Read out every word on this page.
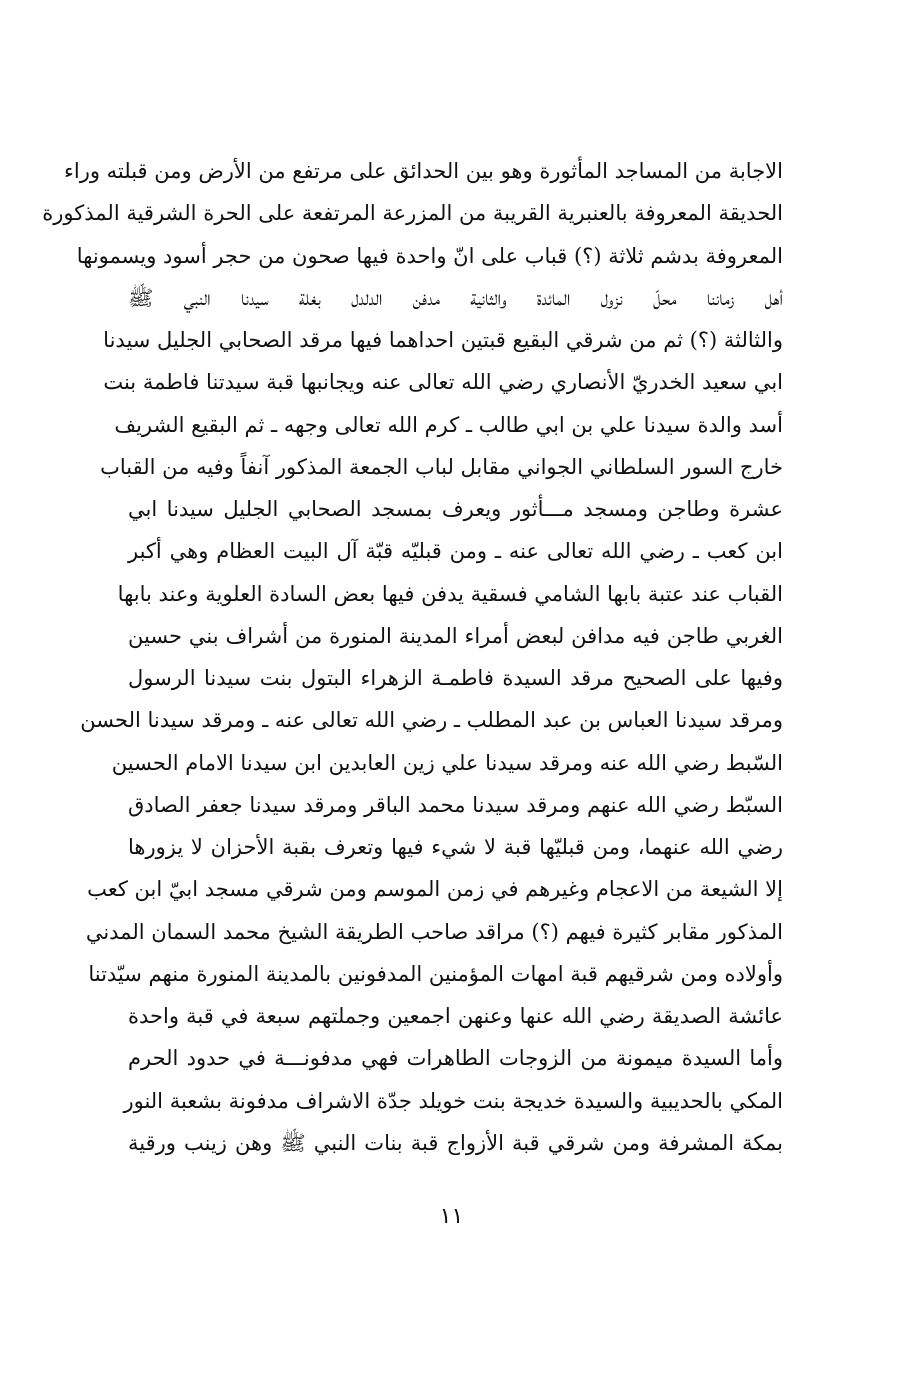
الاجابة من المساجد المأثورة وهو بين الحدائق على مرتفع من الأرض ومن قبلته وراء
الحديقة المعروفة بالعنبرية القريبة من المزرعة المرتفعة على الحرة الشرقية المذكورة
المعروفة بدشم ثلاثة (؟) قباب على انّ واحدة فيها صحون من حجر أسود ويسمونها
أهل زماننا محلّ نزول المائدة والثانية مدفن الدلدل بغلة سيدنا النبي ﷺ
والثالثة (؟) ثم من شرقي البقيع قبتين احداهما فيها مرقد الصحابي الجليل سيدنا
ابي سعيد الخدريّ الأنصاري رضي الله تعالى عنه ويجانبها قبة سيدتنا فاطمة بنت
أسد والدة سيدنا علي بن ابي طالب ـ كرم الله تعالى وجهه ـ ثم البقيع الشريف
خارج السور السلطاني الجواني مقابل لباب الجمعة المذكور آنفاً وفيه من القباب
عشرة وطاجن ومسجد مـــأثور ويعرف بمسجد الصحابي الجليل سيدنا ابي
ابن كعب ـ رضي الله تعالى عنه ـ ومن قبليّه قبّة آل البيت العظام وهي أكبر
القباب عند عتبة بابها الشامي فسقية يدفن فيها بعض السادة العلوية وعند بابها
الغربي طاجن فيه مدافن لبعض أمراء المدينة المنورة من أشراف بني حسين
وفيها على الصحيح مرقد السيدة فاطمـة الزهراء البتول بنت سيدنا الرسول
ومرقد سيدنا العباس بن عبد المطلب ـ رضي الله تعالى عنه ـ ومرقد سيدنا الحسن
السّبط رضي الله عنه ومرقد سيدنا علي زين العابدين ابن سيدنا الامام الحسين
السبّط رضي الله عنهم ومرقد سيدنا محمد الباقر ومرقد سيدنا جعفر الصادق
رضي الله عنهما، ومن قبليّها قبة لا شيء فيها وتعرف بقبة الأحزان لا يزورها
إلا الشيعة من الاعجام وغيرهم في زمن الموسم ومن شرقي مسجد ابيّ ابن كعب
المذكور مقابر كثيرة فيهم (؟) مراقد صاحب الطريقة الشيخ محمد السمان المدني
وأولاده ومن شرقيهم قبة امهات المؤمنين المدفونين بالمدينة المنورة منهم سيّدتنا
عائشة الصديقة رضي الله عنها وعنهن اجمعين وجملتهم سبعة في قبة واحدة
وأما السيدة ميمونة من الزوجات الطاهرات فهي مدفونـــة في حدود الحرم
المكي بالحديبية والسيدة خديجة بنت خويلد جدّة الاشراف مدفونة بشعبة النور
بمكة المشرفة ومن شرقي قبة الأزواج قبة بنات النبي ﷺ وهن زينب ورقية
١١
